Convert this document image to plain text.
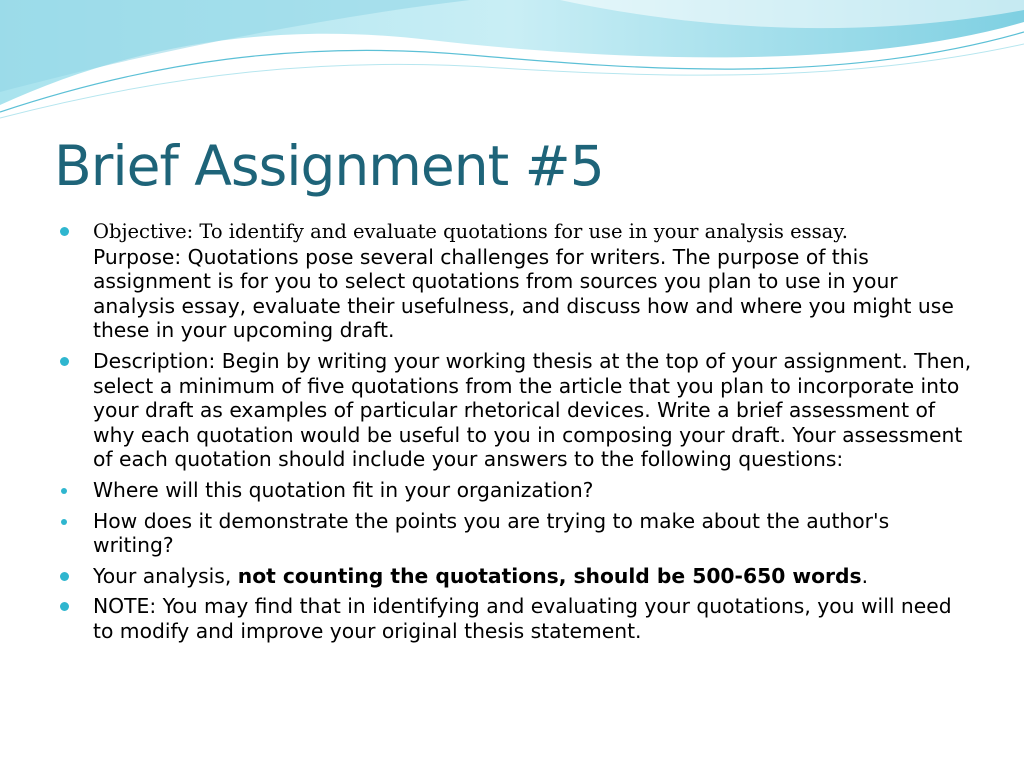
Brief Assignment #5
Objective: To identify and evaluate quotations for use in your analysis essay.
Purpose: Quotations pose several challenges for writers. The purpose of this assignment is for you to select quotations from sources you plan to use in your analysis essay, evaluate their usefulness, and discuss how and where you might use these in your upcoming draft.
Description: Begin by writing your working thesis at the top of your assignment. Then, select a minimum of five quotations from the article that you plan to incorporate into your draft as examples of particular rhetorical devices. Write a brief assessment of why each quotation would be useful to you in composing your draft. Your assessment of each quotation should include your answers to the following questions:
Where will this quotation fit in your organization?
How does it demonstrate the points you are trying to make about the author's writing?
Your analysis, not counting the quotations, should be 500-650 words.
NOTE: You may find that in identifying and evaluating your quotations, you will need to modify and improve your original thesis statement.
